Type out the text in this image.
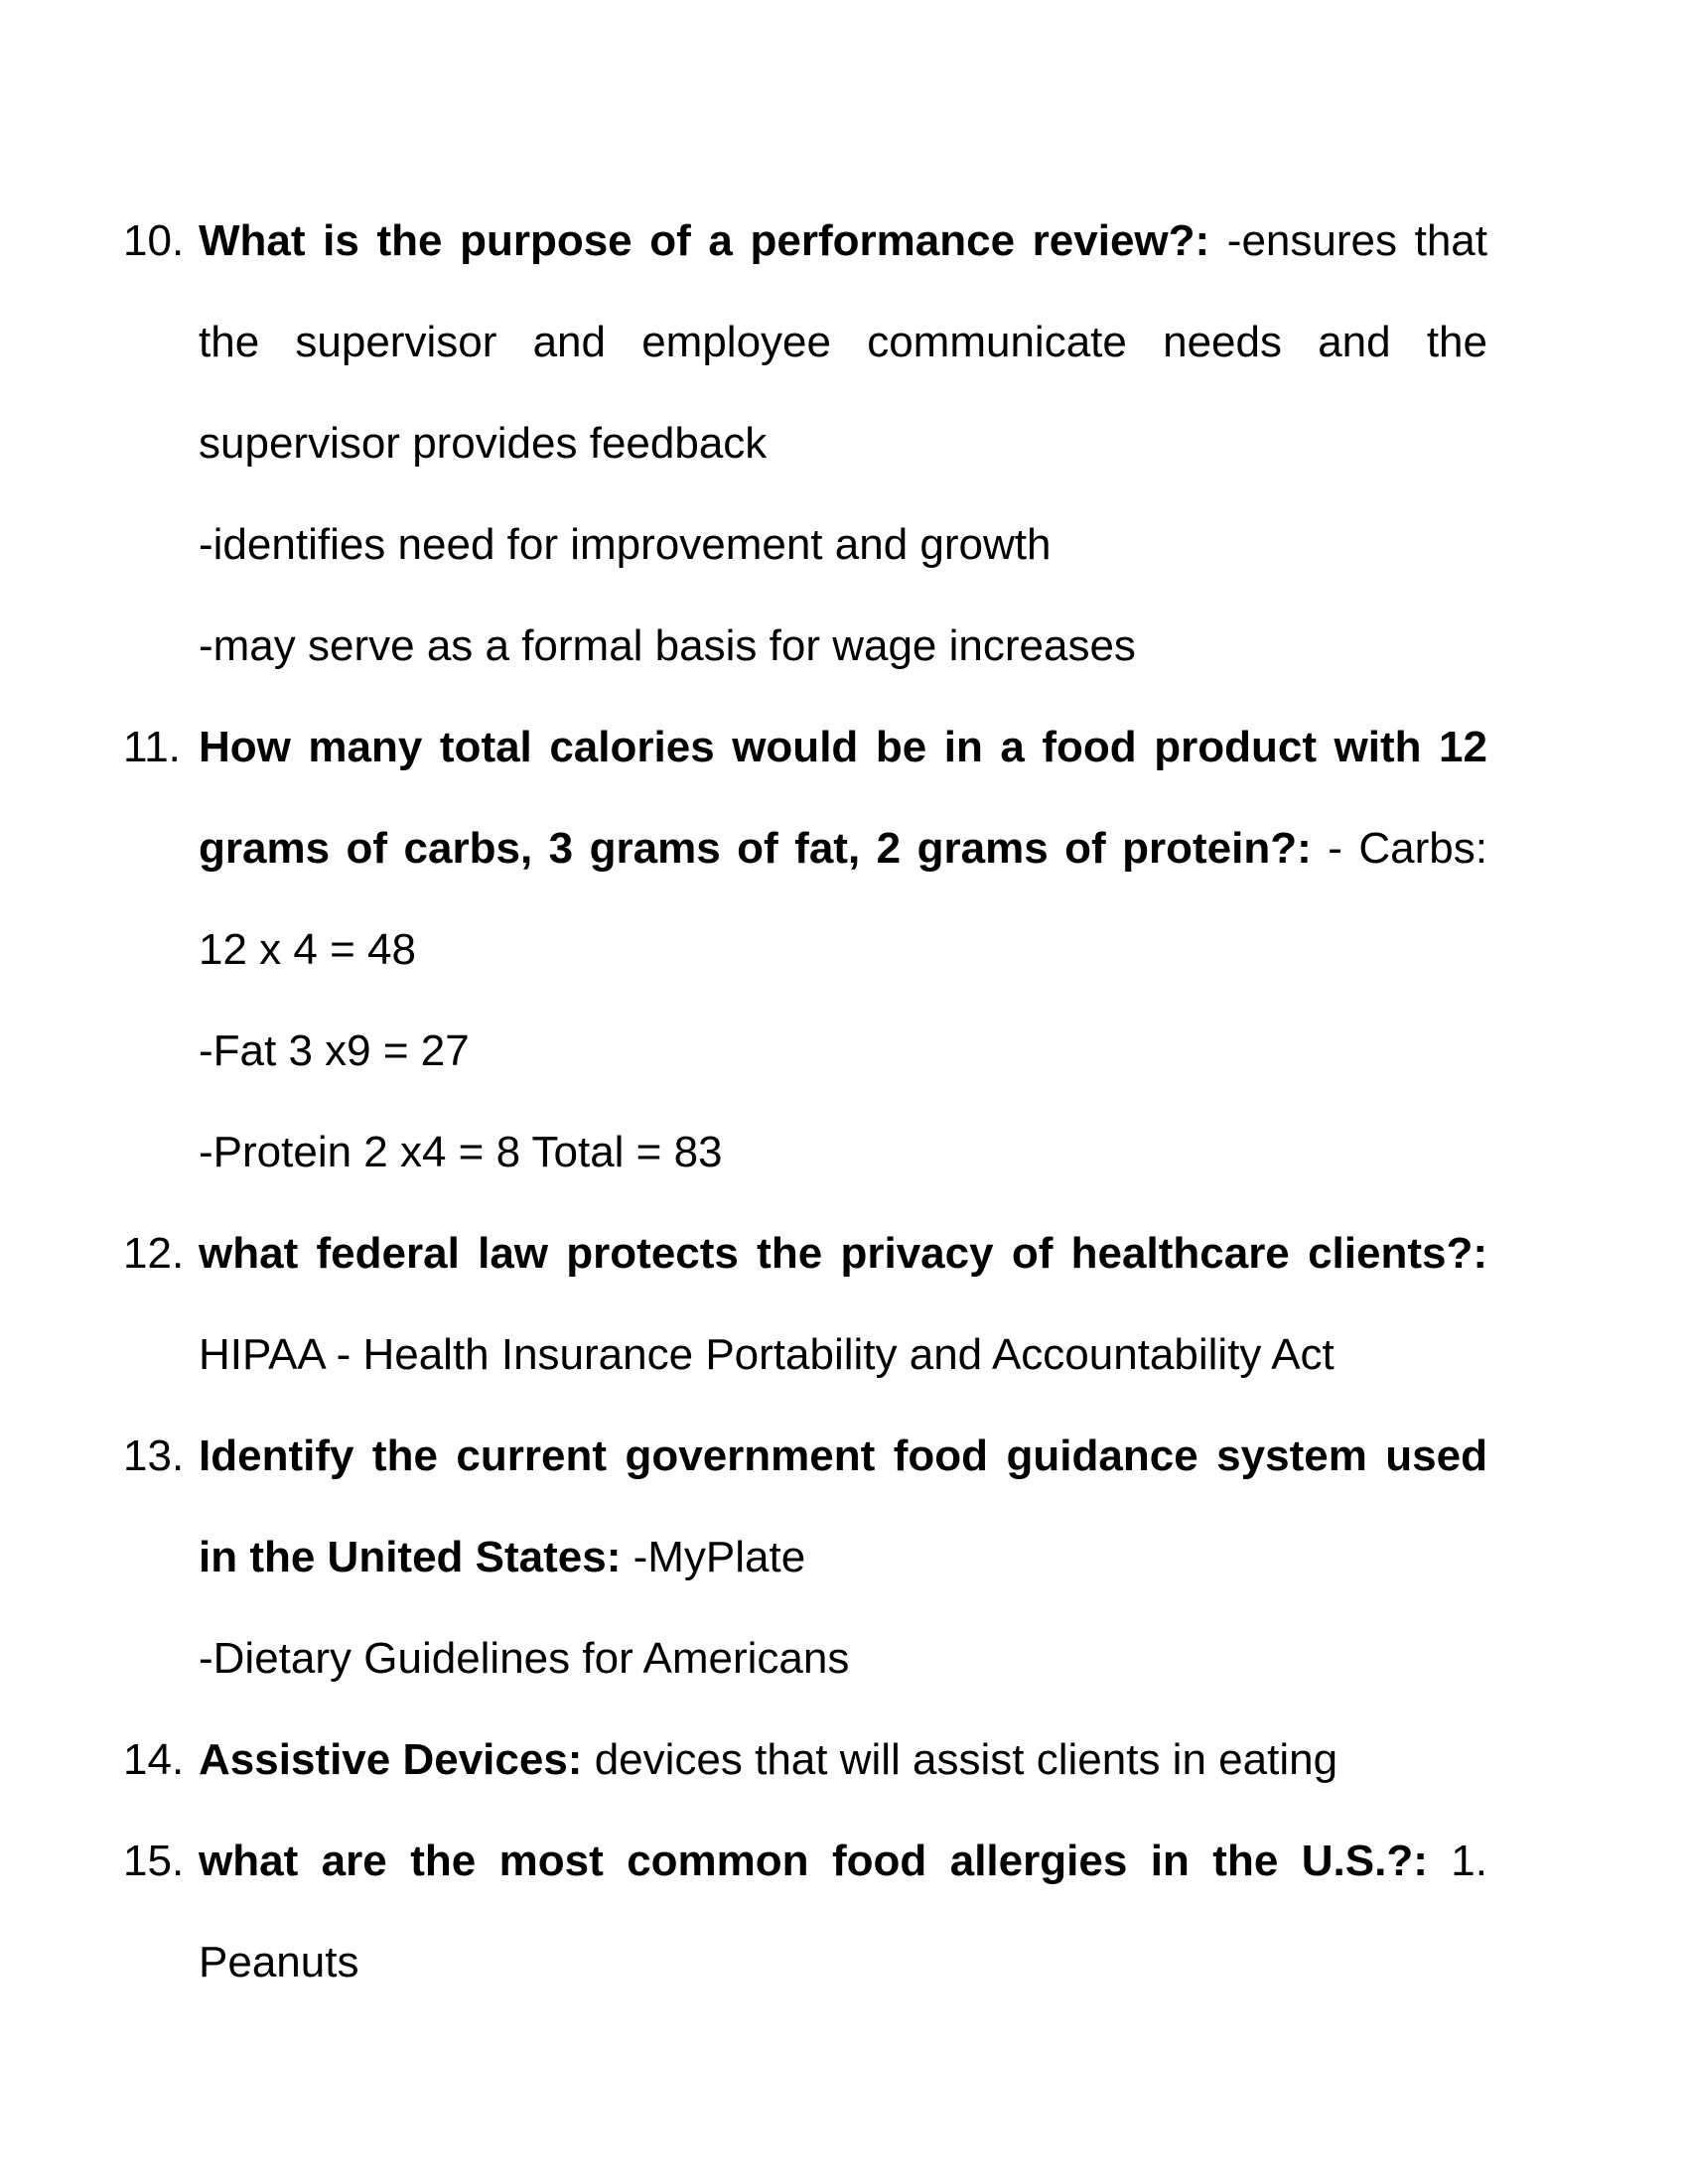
10. What is the purpose of a performance review?: -ensures that the supervisor and employee communicate needs and the supervisor provides feedback

-identifies need for improvement and growth

-may serve as a formal basis for wage increases

11. How many total calories would be in a food product with 12 grams of carbs, 3 grams of fat, 2 grams of protein?: - Carbs: 12 x 4 = 48

-Fat 3 x9 = 27

-Protein 2 x4 = 8 Total = 83

12. what federal law protects the privacy of healthcare clients?: HIPAA - Health Insurance Portability and Accountability Act

13. Identify the current government food guidance system used in the United States: -MyPlate

-Dietary Guidelines for Americans

14. Assistive Devices: devices that will assist clients in eating

15. what are the most common food allergies in the U.S.?: 1. Peanuts
